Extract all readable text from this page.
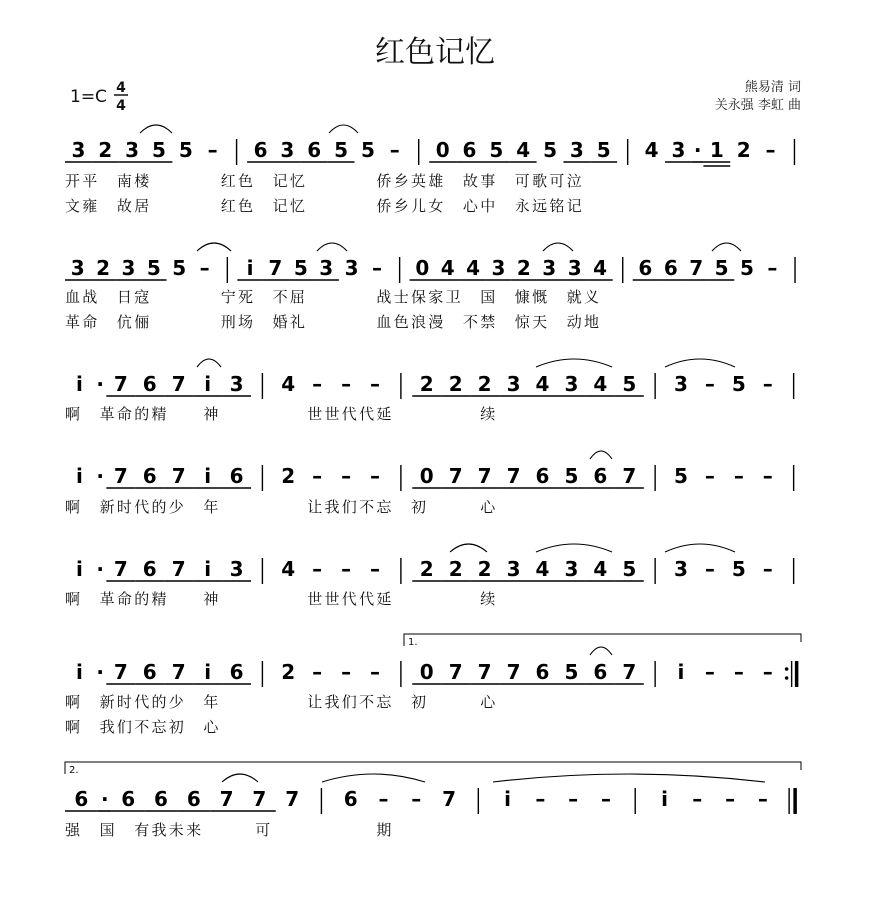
红色记忆
1=C 4
4
熊易清 词
关永强 李虹 曲
3 2 3 5 5 – 6 3 6 5 5 – 0 6 5 4 5 3 5 4 3 · 1 2 –
开 平 南 楼	红 色 记 忆	侨 乡 英 雄 故 事 可 歌 可 泣
文 雍 故 居	红 色 记 忆	侨 乡 儿 女 心 中 永 远 铭 记
3 2 3 5 5 – i 7 5 3 3 – 0 4 4 3 2 3 3 4 6 6 7 5 5 –
血 战 日 寇	宁 死 不 屈	战 士 保 家 卫 国 慷 慨 就 义
革 命 伉 俪	刑 场 婚 礼	血 色 浪 漫 不 禁 惊 天 动 地
i · 7 6 7 i 3 4 – – – 2 2 2 3 4 3 4 5 3 – 5 –
啊 革 命 的 精 神	世 世 代 代 延	续
i · 7 6 7 i 6 2 – – – 0 7 7 7 6 5 6 7 5 – – –
啊 新 时 代 的 少 年	让 我 们 不 忘 初	心
i · 7 6 7 i 3 4 – – – 2 2 2 3 4 3 4 5 3 – 5 –
啊 革 命 的 精 神	世 世 代 代 延	续
i · 7 6 7 i 6 2 – – – 0 7 7 7 6 5 6 7 i – – –
啊 新 时 代 的 少 年	让 我 们 不 忘 初	心
啊 我 们 不 忘 初 心
6 · 6 6 6 7 7 7 6 – – 7 i – – –	i – – –
强 国 有 我 未 来	可	期
1.
2.
